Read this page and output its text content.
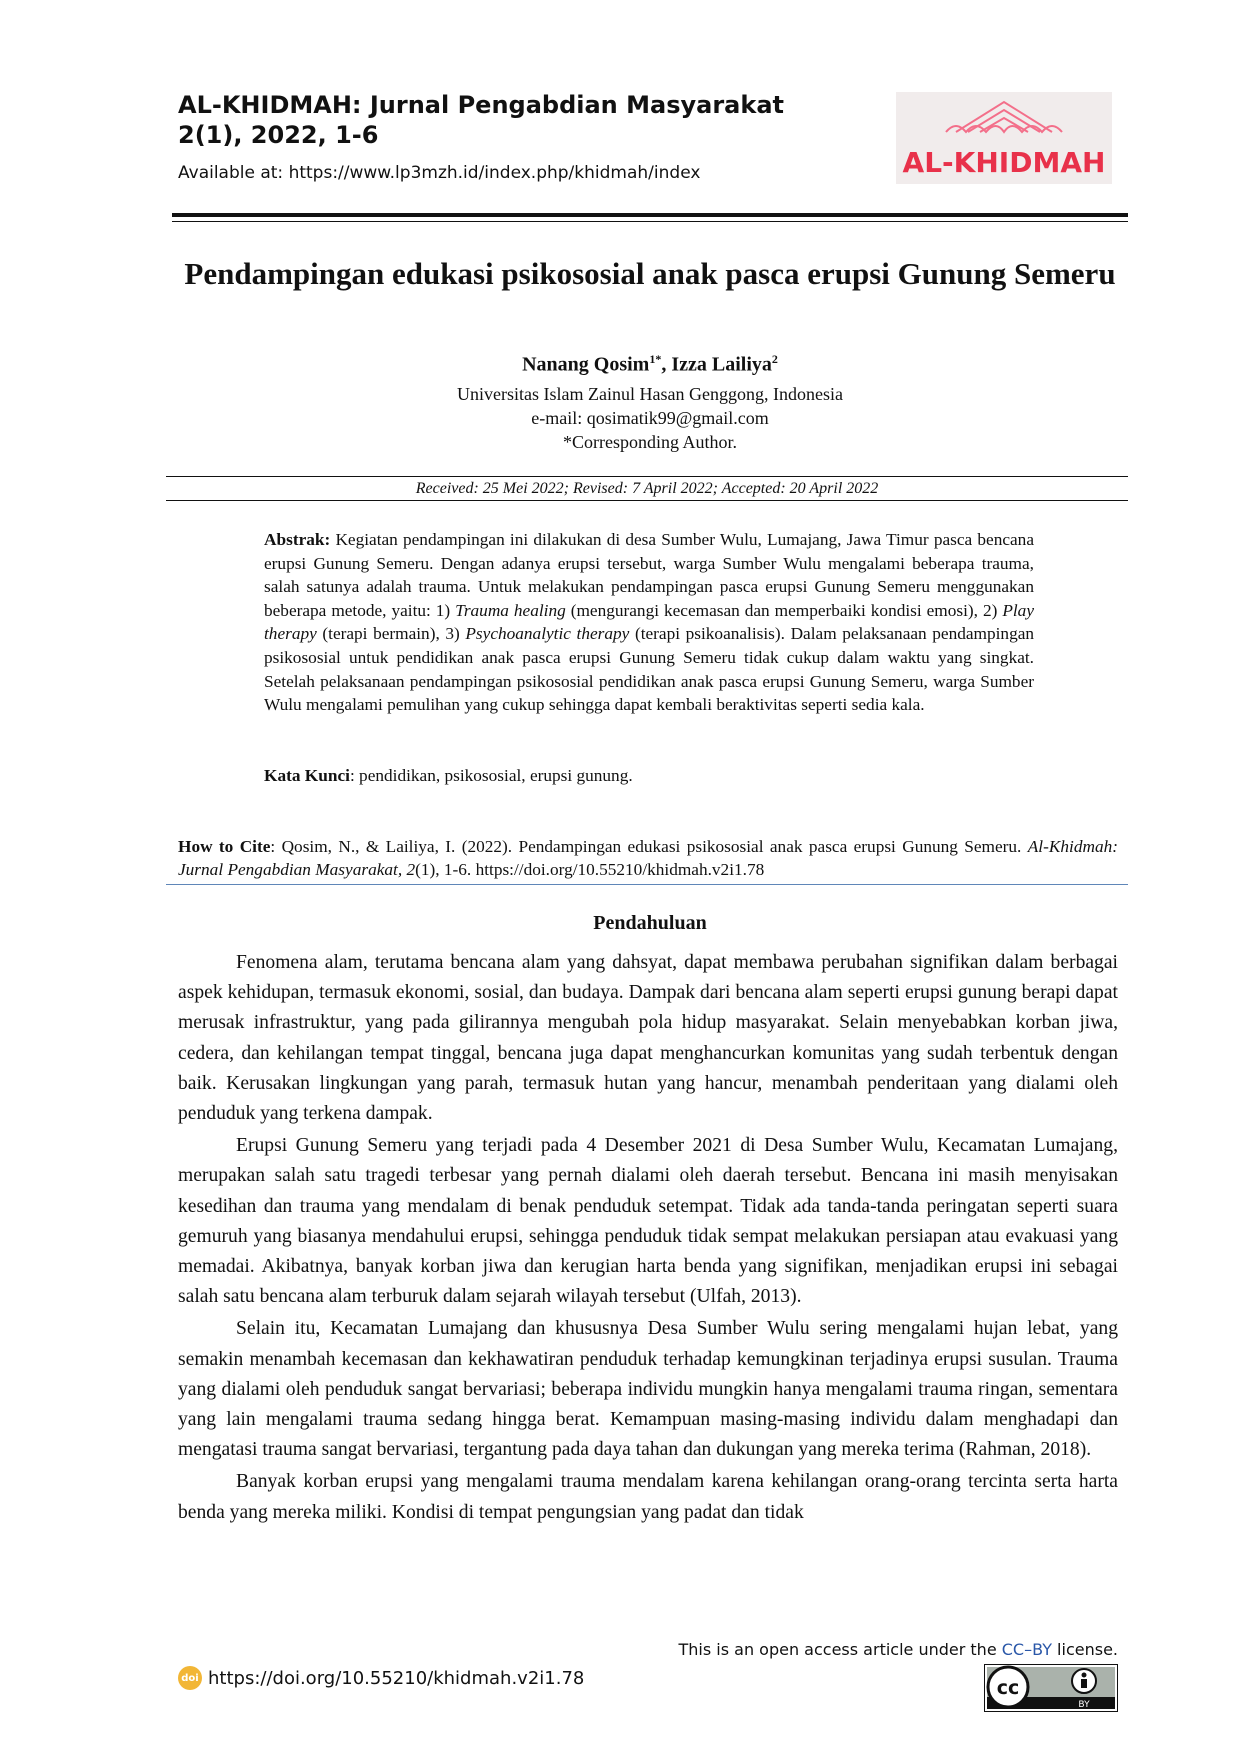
AL-KHIDMAH: Jurnal Pengabdian Masyarakat
2(1), 2022, 1-6
Available at: https://www.lp3mzh.id/index.php/khidmah/index	AL-KHIDMAH
Pendampingan edukasi psikososial anak pasca erupsi Gunung Semeru
Nanang Qosim$^{1*}$, Izza Lailiya$^2$
Universitas Islam Zainul Hasan Genggong, Indonesia
e-mail: qosimatik99@gmail.com
*Corresponding Author.
Received: 25 Mei 2022; Revised: 7 April 2022; Accepted: 20 April 2022
Abstrak: Kegiatan pendampingan ini dilakukan di desa Sumber Wulu, Lumajang, Jawa Timur pasca bencana erupsi Gunung Semeru. Dengan adanya erupsi tersebut, warga Sumber Wulu mengalami beberapa trauma, salah satunya adalah trauma. Untuk melakukan pendampingan pasca erupsi Gunung Semeru menggunakan beberapa metode, yaitu: 1) Trauma healing (mengurangi kecemasan dan memperbaiki kondisi emosi), 2) Play therapy (terapi bermain), 3) Psychoanalytic therapy (terapi psikoanalisis). Dalam pelaksanaan pendampingan psikososial untuk pendidikan anak pasca erupsi Gunung Semeru tidak cukup dalam waktu yang singkat. Setelah pelaksanaan pendampingan psikososial pendidikan anak pasca erupsi Gunung Semeru, warga Sumber Wulu mengalami pemulihan yang cukup sehingga dapat kembali beraktivitas seperti sedia kala.
Kata Kunci: pendidikan, psikososial, erupsi gunung.
How to Cite: Qosim, N., & Lailiya, I. (2022). Pendampingan edukasi psikososial anak pasca erupsi Gunung Semeru. Al-Khidmah: Jurnal Pengabdian Masyarakat, 2(1), 1-6. https://doi.org/10.55210/khidmah.v2i1.78
Pendahuluan

Fenomena alam, terutama bencana alam yang dahsyat, dapat membawa perubahan signifikan dalam berbagai aspek kehidupan, termasuk ekonomi, sosial, dan budaya. Dampak dari bencana alam seperti erupsi gunung berapi dapat merusak infrastruktur, yang pada gilirannya mengubah pola hidup masyarakat. Selain menyebabkan korban jiwa, cedera, dan kehilangan tempat tinggal, bencana juga dapat menghancurkan komunitas yang sudah terbentuk dengan baik. Kerusakan lingkungan yang parah, termasuk hutan yang hancur, menambah penderitaan yang dialami oleh penduduk yang terkena dampak.

Erupsi Gunung Semeru yang terjadi pada 4 Desember 2021 di Desa Sumber Wulu, Kecamatan Lumajang, merupakan salah satu tragedi terbesar yang pernah dialami oleh daerah tersebut. Bencana ini masih menyisakan kesedihan dan trauma yang mendalam di benak penduduk setempat. Tidak ada tanda-tanda peringatan seperti suara gemuruh yang biasanya mendahului erupsi, sehingga penduduk tidak sempat melakukan persiapan atau evakuasi yang memadai. Akibatnya, banyak korban jiwa dan kerugian harta benda yang signifikan, menjadikan erupsi ini sebagai salah satu bencana alam terburuk dalam sejarah wilayah tersebut (Ulfah, 2013).

Selain itu, Kecamatan Lumajang dan khususnya Desa Sumber Wulu sering mengalami hujan lebat, yang semakin menambah kecemasan dan kekhawatiran penduduk terhadap kemungkinan terjadinya erupsi susulan. Trauma yang dialami oleh penduduk sangat bervariasi; beberapa individu mungkin hanya mengalami trauma ringan, sementara yang lain mengalami trauma sedang hingga berat. Kemampuan masing-masing individu dalam menghadapi dan mengatasi trauma sangat bervariasi, tergantung pada daya tahan dan dukungan yang mereka terima (Rahman, 2018).

Banyak korban erupsi yang mengalami trauma mendalam karena kehilangan orang-orang tercinta serta harta benda yang mereka miliki. Kondisi di tempat pengungsian yang padat dan tidak

This is an open access article under the CC–BY license.
doi https://doi.org/10.55210/khidmah.v2i1.78	cc
BY
